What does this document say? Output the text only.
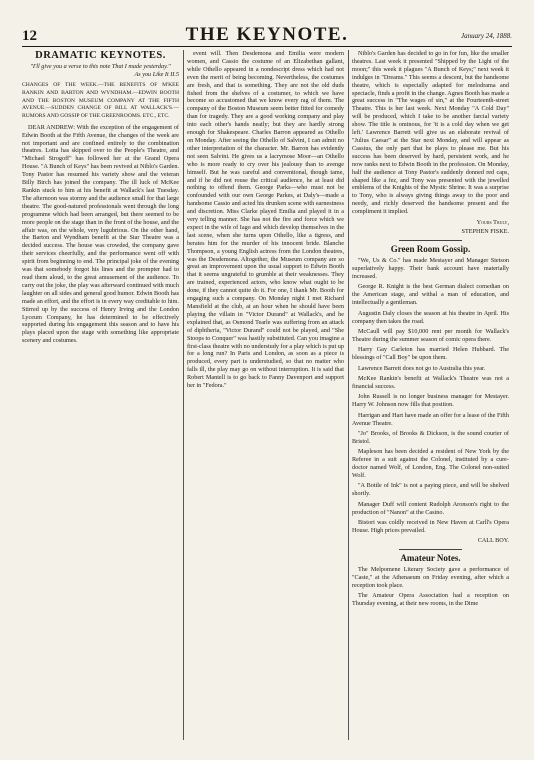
12	THE KEYNOTE.	January 24, 1888.
DRAMATIC KEYNOTES.

"I'll give you a verse to this note That I made yesterday."

As you Like It II.5

CHANGES OF THE WEEK.—THE BENEFITS OF M'KEE RANKIN AND BARTON AND WYNDHAM.—EDWIN BOOTH AND THE BOSTON MUSEUM COMPANY AT THE FIFTH AVENUE.—SUDDEN CHANGE OF BILL AT WALLACK'S.—RUMORS AND GOSSIP OF THE GREENROOMS. ETC., ETC.

DEAR ANDREW: With the exception of the engagement of Edwin Booth at the Fifth Avenue, the changes of the week are not important and are confined entirely to the combination theatres. Lotta has skipped over to the People's Theatre, and "Michael Strogoff" has followed her at the Grand Opera House. "A Bunch of Keys" has been revived at Niblo's Garden. Tony Pastor has resumed his variety show and the veteran Billy Birch has joined the company. The ill luck of McKee Rankin stuck to him at his benefit at Wallack's last Tuesday. The afternoon was stormy and the audience small for that large theatre. The good-natured professionals went through the long programme which had been arranged, but there seemed to be more people on the stage than in the front of the house, and the affair was, on the whole, very lugubrious. On the other hand, the Barton and Wyndham benefit at the Star Theatre was a decided success. The house was crowded, the company gave their services cheerfully, and the performance went off with spirit from beginning to end. The principal joke of the evening was that somebody forgot his lines and the prompter had to read them aloud, to the great amusement of the audience. To carry out the joke, the play was afterward continued with much laughter on all sides and general good humor. Edwin Booth has made an effort, and the effort is in every way creditable to him. Stirred up by the success of Henry Irving and the London Lyceum Company, he has determined to be effectively supported during his engagement this season and to have his plays placed upon the stage with something like appropriate scenery and costumes.

event will. Then Desdemona and Emilia were modern women, and Cassio the costume of an Elizabethan gallant, while Othello appeared in a nondescript dress which had not even the merit of being becoming. Nevertheless, the costumes are fresh, and that is something. They are not the old duds fished from the shelves of a costumer, to which we have become so accustomed that we know every rag of them. The company of the Boston Museum seem better fitted for comedy than for tragedy. They are a good working company and play into each other's hands neatly; but they are hardly strong enough for Shakespeare. Charles Barron appeared as Othello on Monday. After seeing the Othello of Salvini, I can admit no other interpretation of the character. Mr. Barron has evidently not seen Salvini. He gives us a lacrymose Moor—an Othello who is more ready to cry over his jealousy than to avenge himself. But he was careful and conventional, though tame, and if he did not rouse the critical audience, he at least did nothing to offend them. George Parks—who must not be confounded with our own George Parkes, at Daly's—made a handsome Cassio and acted his drunken scene with earnestness and discretion. Miss Clarke played Emilia and played it in a very telling manner. She has not the fire and force which we expect in the wife of Iago and which develop themselves in the last scene, when she turns upon Othello, like a tigress, and berates him for the murder of his innocent bride. Blanche Thompson, a young English actress from the London theatres, was the Desdemona. Altogether, the Museum company are so great an improvement upon the usual support to Edwin Booth that it seems ungrateful to grumble at their weaknesses. They are trained, experienced actors, who know what ought to be done, if they cannot quite do it. For one, I thank Mr. Booth for engaging such a company. On Monday night I met Richard Mansfield at the club, at an hour when he should have been playing the villain in "Victor Durand" at Wallack's, and he explained that, as Osmond Tearle was suffering from an attack of diphtheria, "Victor Durand" could not be played, and "She Stoops to Conquer" was hastily substituted. Can you imagine a first-class theatre with no understudy for a play which is put up for a long run? In Paris and London, as soon as a piece is produced, every part is understudied, so that no matter who falls ill, the play may go on without interruption. It is said that Robert Mantell is to go back to Fanny Davenport and support her in "Fedora."

Niblo's Garden has decided to go in for fun, like the smaller theatres. Last week it presented "Shipped by the Light of the moon;" this week it plagues "A Bunch of Keys;" next week it indulges in "Dreams." This seems a descent, but the handsome theatre, which is especially adapted for melodrama and spectacle, finds a profit in the change. Agnes Booth has made a great success in "The wages of sin," at the Fourteenth-street Theatre. This is her last week. Next Monday "A Cold Day" will be produced, which I take to be another farcial variety show. The title is ominous, for 'it is a cold day when we get left.' Lawrence Barrett will give us an elaborate revival of "Julius Caesar" at the Star next Monday, and will appear as Cassius, the only part that he plays to please me. But his success has been deserved by hard, persistent work, and he now ranks next to Edwin Booth in the profession. On Monday, half the audience at Tony Pastor's suddenly donned red caps, shaped like a fez, and Tony was presented with the jewelled emblems of the Knights of the Mystic Shrine. It was a surprise to Tony, who is always giving things away to the poor and needy, and richly deserved the handsome present and the compliment it implied.

Yours Truly,

STEPHEN FISKE.

Green Room Gossip.

"We, Us & Co." has made Mestayer and Manager Stetson superlatively happy. Their bank account have materially increased.

George R. Knight is the best German dialect comedian on the American stage, and withal a man of education, and intellectually a gentleman.

Augustin Daly closes the season at his theatre in April. His company then takes the road.

McCaull will pay $10,000 rent per month for Wallack's Theatre during the summer season of comic opera there.

Harry Gay Carleton has married Helen Hubbard. The blessings of "Call Boy" be upon them.

Lawrence Barrett does not go to Australia this year.

McKee Rankin's benefit at Wallack's Theatre was not a financial success.

John Russell is no longer business manager for Mestayer. Harry W. Johnson now fills that position.

Harrigan and Hart have made an offer for a lease of the Fifth Avenue Theatre.

"Jo" Brooks, of Brooks & Dickson, is the sound courier of Bristol.

Mapleson has been decided a resident of New York by the Referee in a suit against the Colonel, instituted by a cure-doctor named Wolf, of London, Eng. The Colonel non-suited Wolf.

"A Bottle of Ink" is not a paying piece, and will be shelved shortly.

Manager Duff will content Rudolph Aronson's right to the production of "Nanon" at the Casino.

Bistori was coldly received in New Haven at Carll's Opera House. High prices prevailed.

CALL BOY.

Amateur Notes.

The Melpomene Literary Society gave a performance of "Caste," at the Athenaeum on Friday evening, after which a reception took place.

The Amateur Opera Association had a reception on Thursday evening, at their new rooms, in the Dime
